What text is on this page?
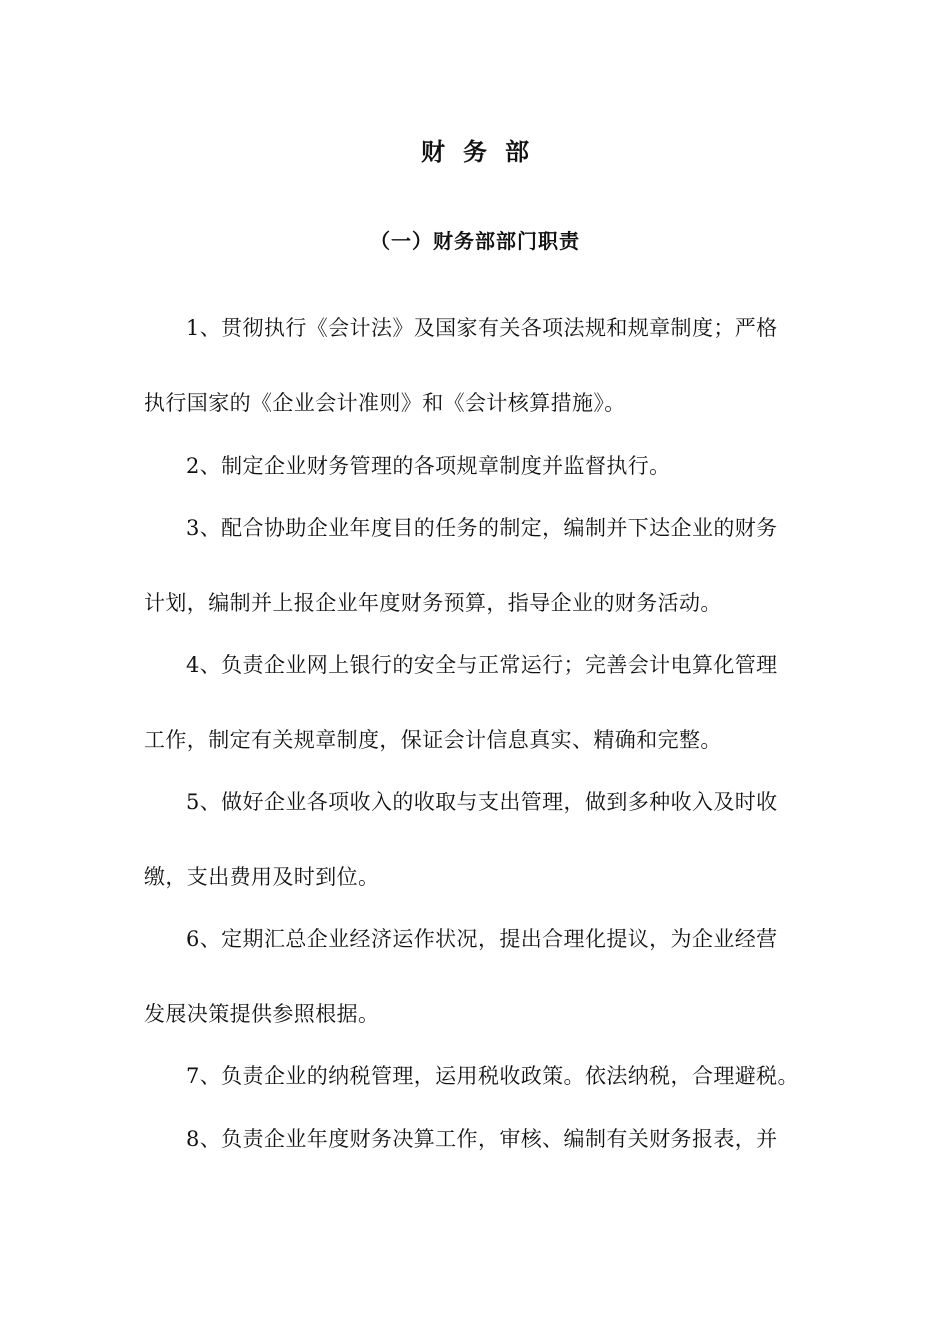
财务部
（一）财务部部门职责
1、贯彻执行《会计法》及国家有关各项法规和规章制度；严格
执行国家的《企业会计准则》和《会计核算措施》。
2、制定企业财务管理的各项规章制度并监督执行。
3、配合协助企业年度目的任务的制定，编制并下达企业的财务
计划，编制并上报企业年度财务预算，指导企业的财务活动。
4、负责企业网上银行的安全与正常运行；完善会计电算化管理
工作，制定有关规章制度，保证会计信息真实、精确和完整。
5、做好企业各项收入的收取与支出管理，做到多种收入及时收
缴，支出费用及时到位。
6、定期汇总企业经济运作状况，提出合理化提议，为企业经营
发展决策提供参照根据。
7、负责企业的纳税管理，运用税收政策。依法纳税，合理避税。
8、负责企业年度财务决算工作，审核、编制有关财务报表，并
